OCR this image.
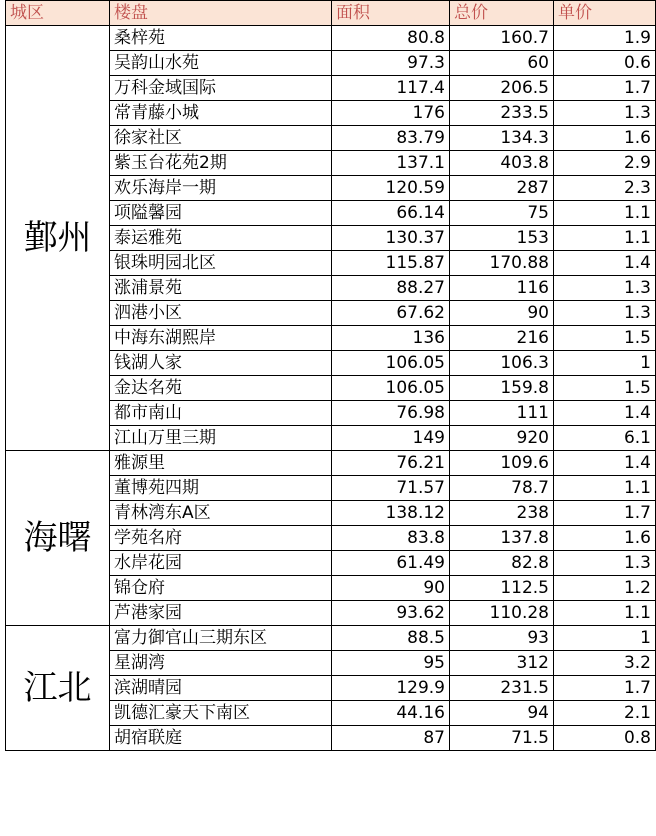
城区	楼盘	面积	总价	单价
鄞州	桑梓苑	80.8	160.7	1.9
	吴韵山水苑	97.3	60	0.6
	万科金域国际	117.4	206.5	1.7
	常青藤小城	176	233.5	1.3
	徐家社区	83.79	134.3	1.6
	紫玉台花苑2期	137.1	403.8	2.9
	欢乐海岸一期	120.59	287	2.3
	项隘馨园	66.14	75	1.1
	泰运雅苑	130.37	153	1.1
	银珠明园北区	115.87	170.88	1.4
	涨浦景苑	88.27	116	1.3
	泗港小区	67.62	90	1.3
	中海东湖熙岸	136	216	1.5
	钱湖人家	106.05	106.3	1
	金达名苑	106.05	159.8	1.5
	都市南山	76.98	111	1.4
	江山万里三期	149	920	6.1
海曙	雅源里	76.21	109.6	1.4
	董博苑四期	71.57	78.7	1.1
	青林湾东A区	138.12	238	1.7
	学苑名府	83.8	137.8	1.6
	水岸花园	61.49	82.8	1.3
	锦仓府	90	112.5	1.2
	芦港家园	93.62	110.28	1.1
江北	富力御官山三期东区	88.5	93	1
	星湖湾	95	312	3.2
	滨湖晴园	129.9	231.5	1.7
	凯德汇豪天下南区	44.16	94	2.1
	胡宿联庭	87	71.5	0.8
